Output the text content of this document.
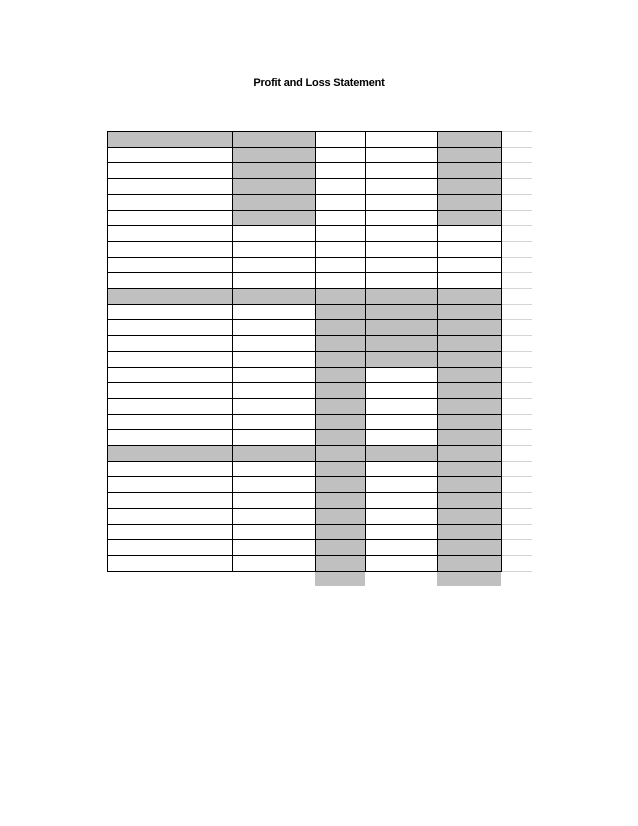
Profit and Loss Statement
